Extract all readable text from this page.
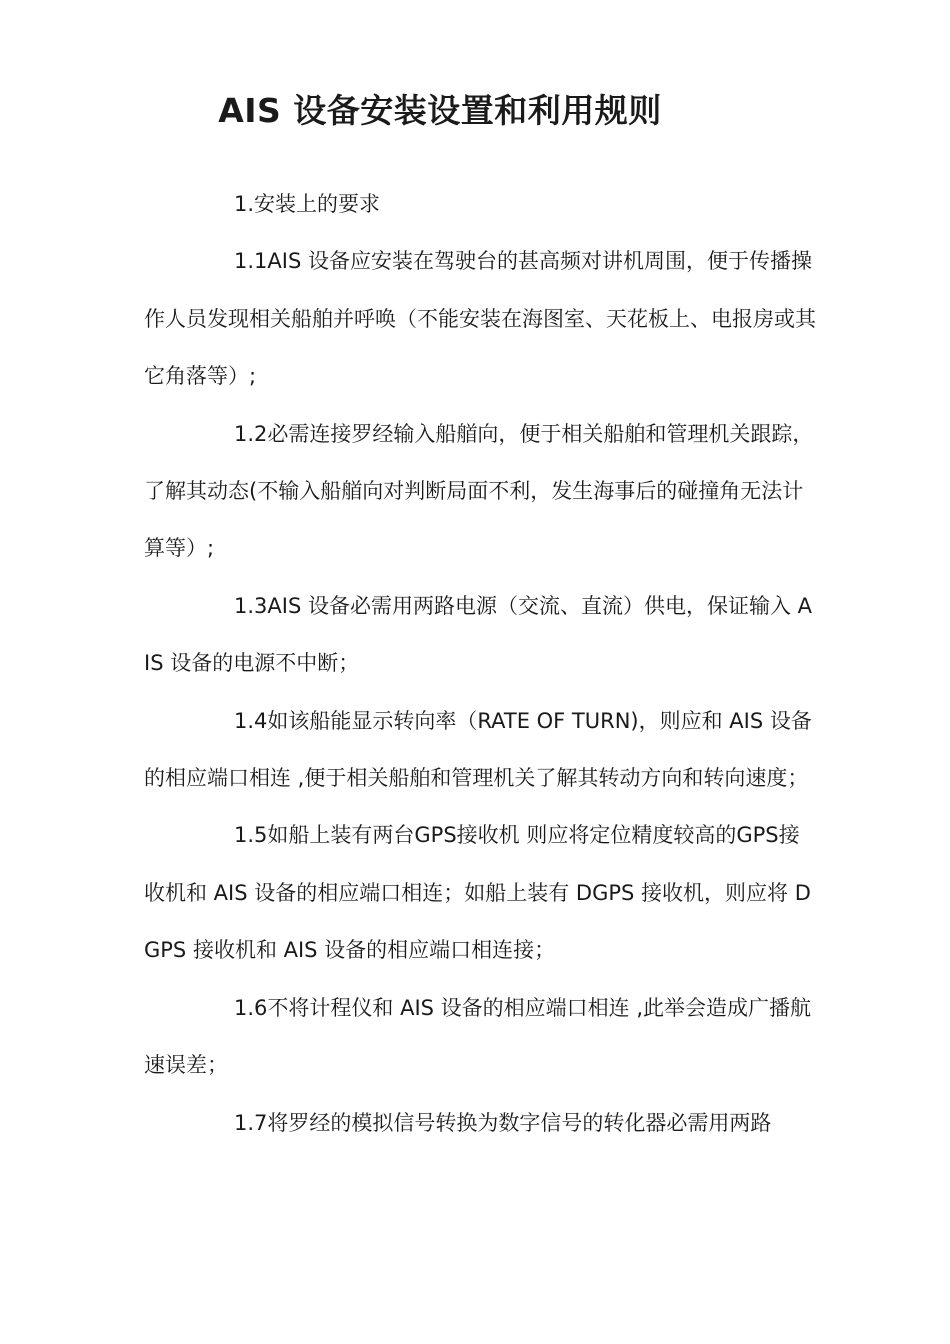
AIS 设备安装设置和利用规则

1.安装上的要求

1.1AIS 设备应安装在驾驶台的甚高频对讲机周围，便于传播操作人员发现相关船舶并呼唤（不能安装在海图室、天花板上、电报房或其它角落等）;

1.2必需连接罗经输入船艏向，便于相关船舶和管理机关跟踪，了解其动态(不输入船艏向对判断局面不利，发生海事后的碰撞角无法计算等）;

1.3AIS 设备必需用两路电源（交流、直流）供电，保证输入 AIS 设备的电源不中断；

1.4如该船能显示转向率（RATE OF TURN)，则应和 AIS 设备的相应端口相连 ,便于相关船舶和管理机关了解其转动方向和转向速度；

1.5如船上装有两台GPS接收机 则应将定位精度较高的GPS接收机和 AIS 设备的相应端口相连；如船上装有 DGPS 接收机，则应将 DGPS 接收机和 AIS 设备的相应端口相连接；

1.6不将计程仪和 AIS 设备的相应端口相连 ,此举会造成广播航速误差；

1.7将罗经的模拟信号转换为数字信号的转化器必需用两路
